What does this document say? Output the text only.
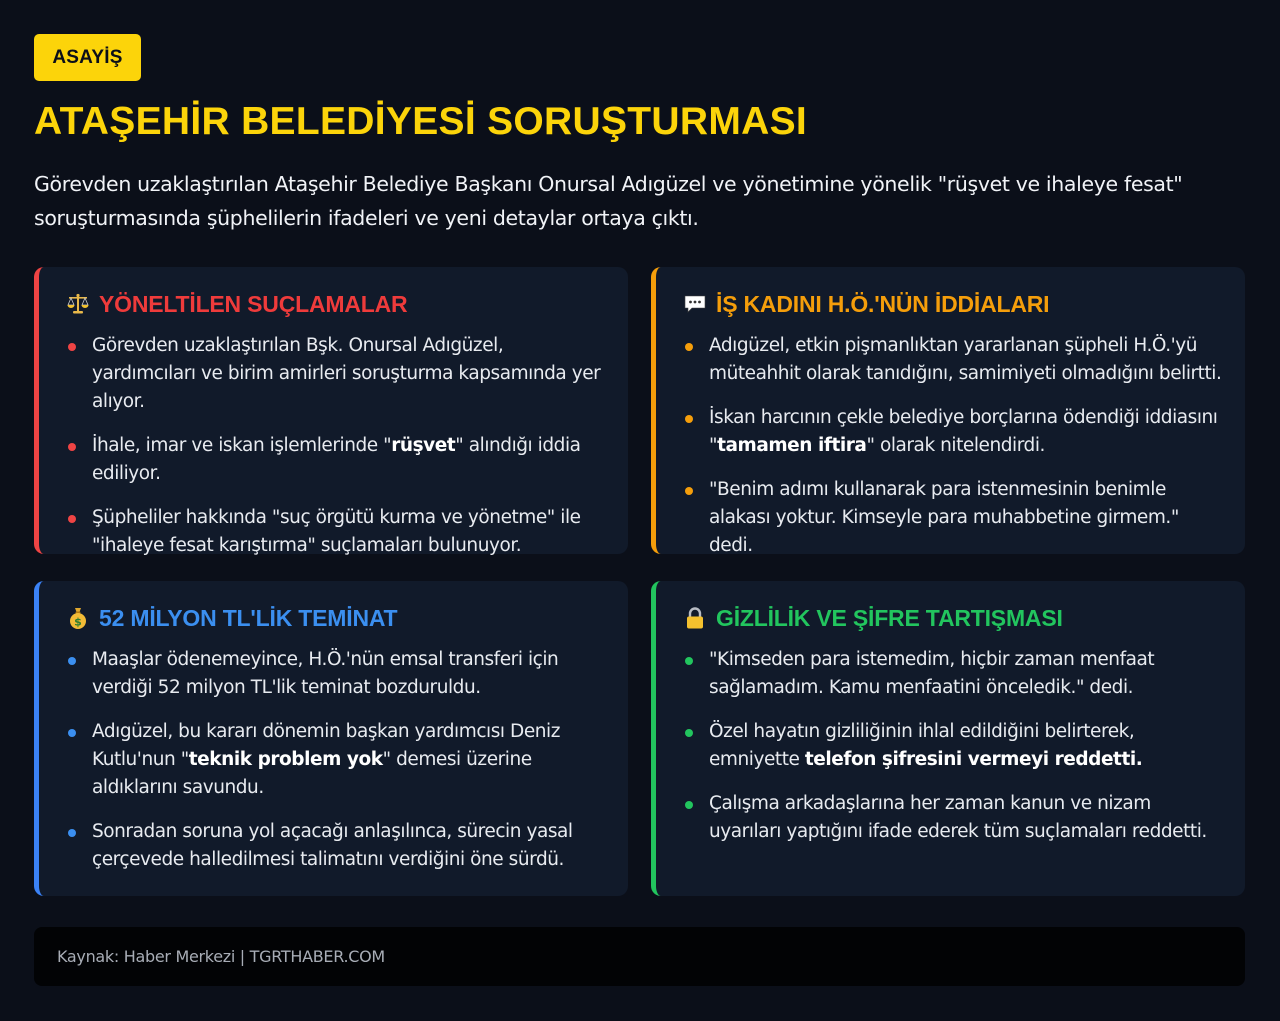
ASAYİŞ
ATAŞEHİR BELEDİYESİ SORUŞTURMASI

Görevden uzaklaştırılan Ataşehir Belediye Başkanı Onursal Adıgüzel ve yönetimine yönelik "rüşvet ve ihaleye fesat" soruşturmasında şüphelilerin ifadeleri ve yeni detaylar ortaya çıktı.

YÖNELTİLEN SUÇLAMALAR
Görevden uzaklaştırılan Bşk. Onursal Adıgüzel, yardımcıları ve birim amirleri soruşturma kapsamında yer alıyor.
İhale, imar ve iskan işlemlerinde "rüşvet" alındığı iddia ediliyor.
Şüpheliler hakkında "suç örgütü kurma ve yönetme" ile "ihaleye fesat karıştırma" suçlamaları bulunuyor.
İŞ KADINI H.Ö.'NÜN İDDİALARI
Adıgüzel, etkin pişmanlıktan yararlanan şüpheli H.Ö.'yü müteahhit olarak tanıdığını, samimiyeti olmadığını belirtti.
İskan harcının çekle belediye borçlarına ödendiği iddiasını "tamamen iftira" olarak nitelendirdi.
"Benim adımı kullanarak para istenmesinin benimle alakası yoktur. Kimseyle para muhabbetine girmem." dedi.
$ 52 MİLYON TL'LİK TEMİNAT
Maaşlar ödenemeyince, H.Ö.'nün emsal transferi için verdiği 52 milyon TL'lik teminat bozduruldu.
Adıgüzel, bu kararı dönemin başkan yardımcısı Deniz Kutlu'nun "teknik problem yok" demesi üzerine aldıklarını savundu.
Sonradan soruna yol açacağı anlaşılınca, sürecin yasal çerçevede halledilmesi talimatını verdiğini öne sürdü.
GİZLİLİK VE ŞİFRE TARTIŞMASI
"Kimseden para istemedim, hiçbir zaman menfaat sağlamadım. Kamu menfaatini önceledik." dedi.
Özel hayatın gizliliğinin ihlal edildiğini belirterek, emniyette telefon şifresini vermeyi reddetti.
Çalışma arkadaşlarına her zaman kanun ve nizam uyarıları yaptığını ifade ederek tüm suçlamaları reddetti.
Kaynak: Haber Merkezi | TGRTHABER.COM
